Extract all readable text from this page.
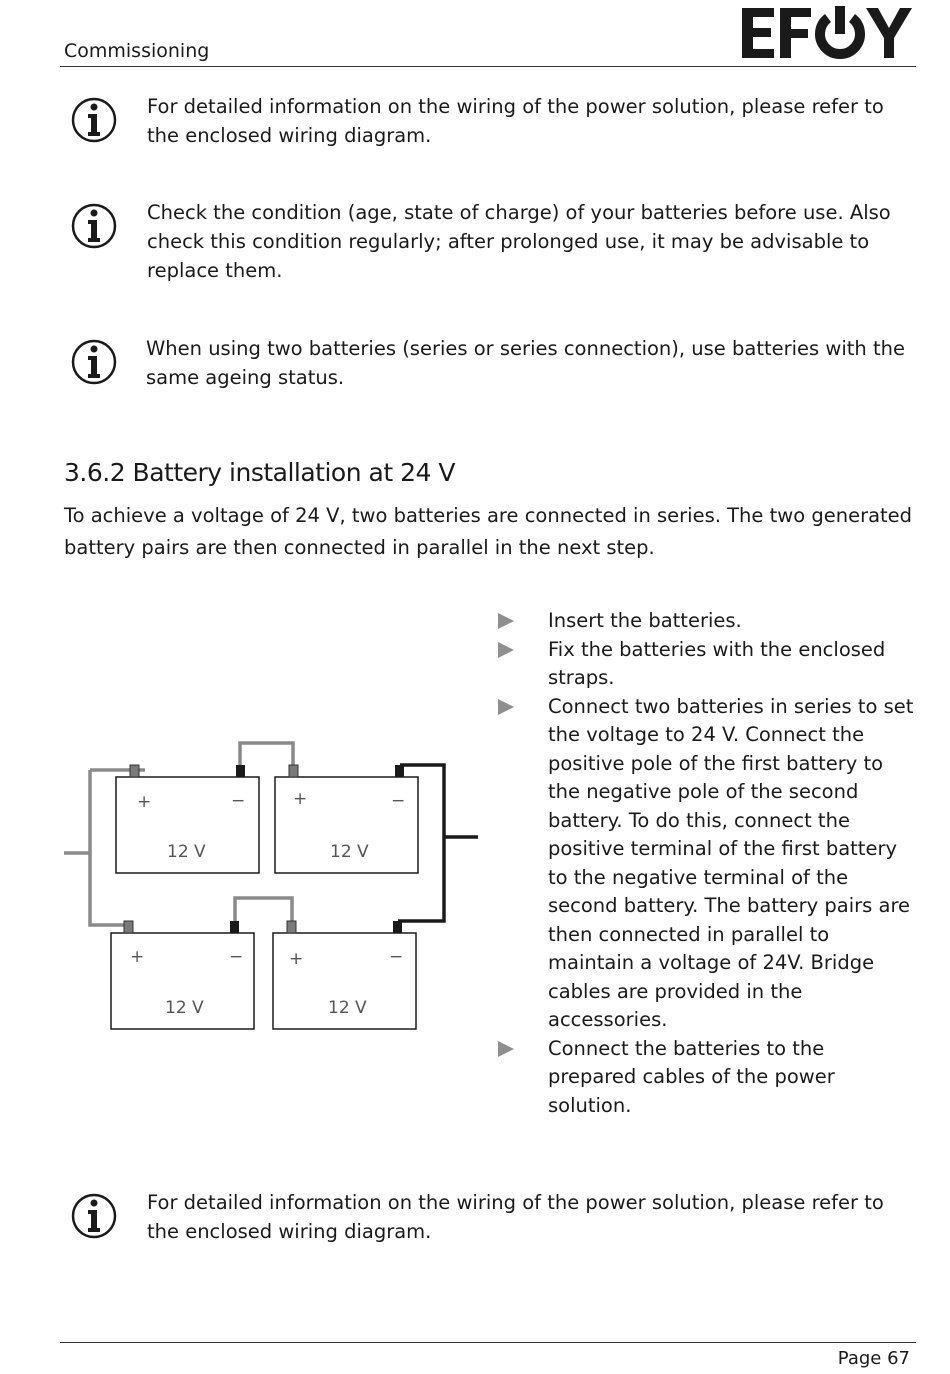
Commissioning
For detailed information on the wiring of the power solution, please refer to the enclosed wiring diagram.
Check the condition (age, state of charge) of your batteries before use. Also check this condition regularly; after prolonged use, it may be advisable to replace them.
When using two batteries (series or series connection), use batteries with the same ageing status.
3.6.2 Battery installation at 24 V

To achieve a voltage of 24 V, two batteries are connected in series. The two generated battery pairs are then connected in parallel in the next step.

+	−
12 V
+	−
12 V
+	−
12 V
+	−
12 V
Insert the batteries.
Fix the batteries with the enclosed straps.
Connect two batteries in series to set the voltage to 24 V. Connect the positive pole of the first battery to the negative pole of the second battery. To do this, connect the positive terminal of the first battery to the negative terminal of the second battery. The battery pairs are then connected in parallel to maintain a voltage of 24V. Bridge cables are provided in the accessories.
Connect the batteries to the prepared cables of the power solution.
For detailed information on the wiring of the power solution, please refer to the enclosed wiring diagram.
Page 67
